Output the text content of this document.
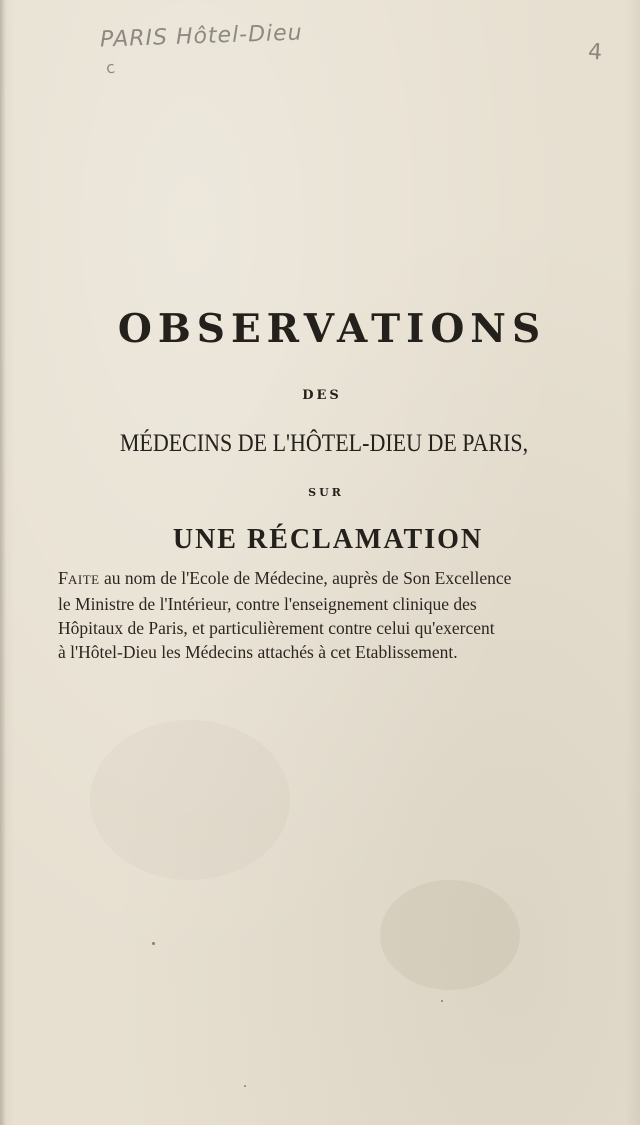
PARIS Hôtel-Dieu
c
4
OBSERVATIONS
DES
MÉDECINS DE L'HÔTEL-DIEU DE PARIS,
SUR
UNE RÉCLAMATION

FAITE au nom de l'Ecole de Médecine, auprès de Son Excellence
le Ministre de l'Intérieur, contre l'enseignement clinique des
Hôpitaux de Paris, et particulièrement contre celui qu'exercent
à l'Hôtel-Dieu les Médecins attachés à cet Etablissement.
